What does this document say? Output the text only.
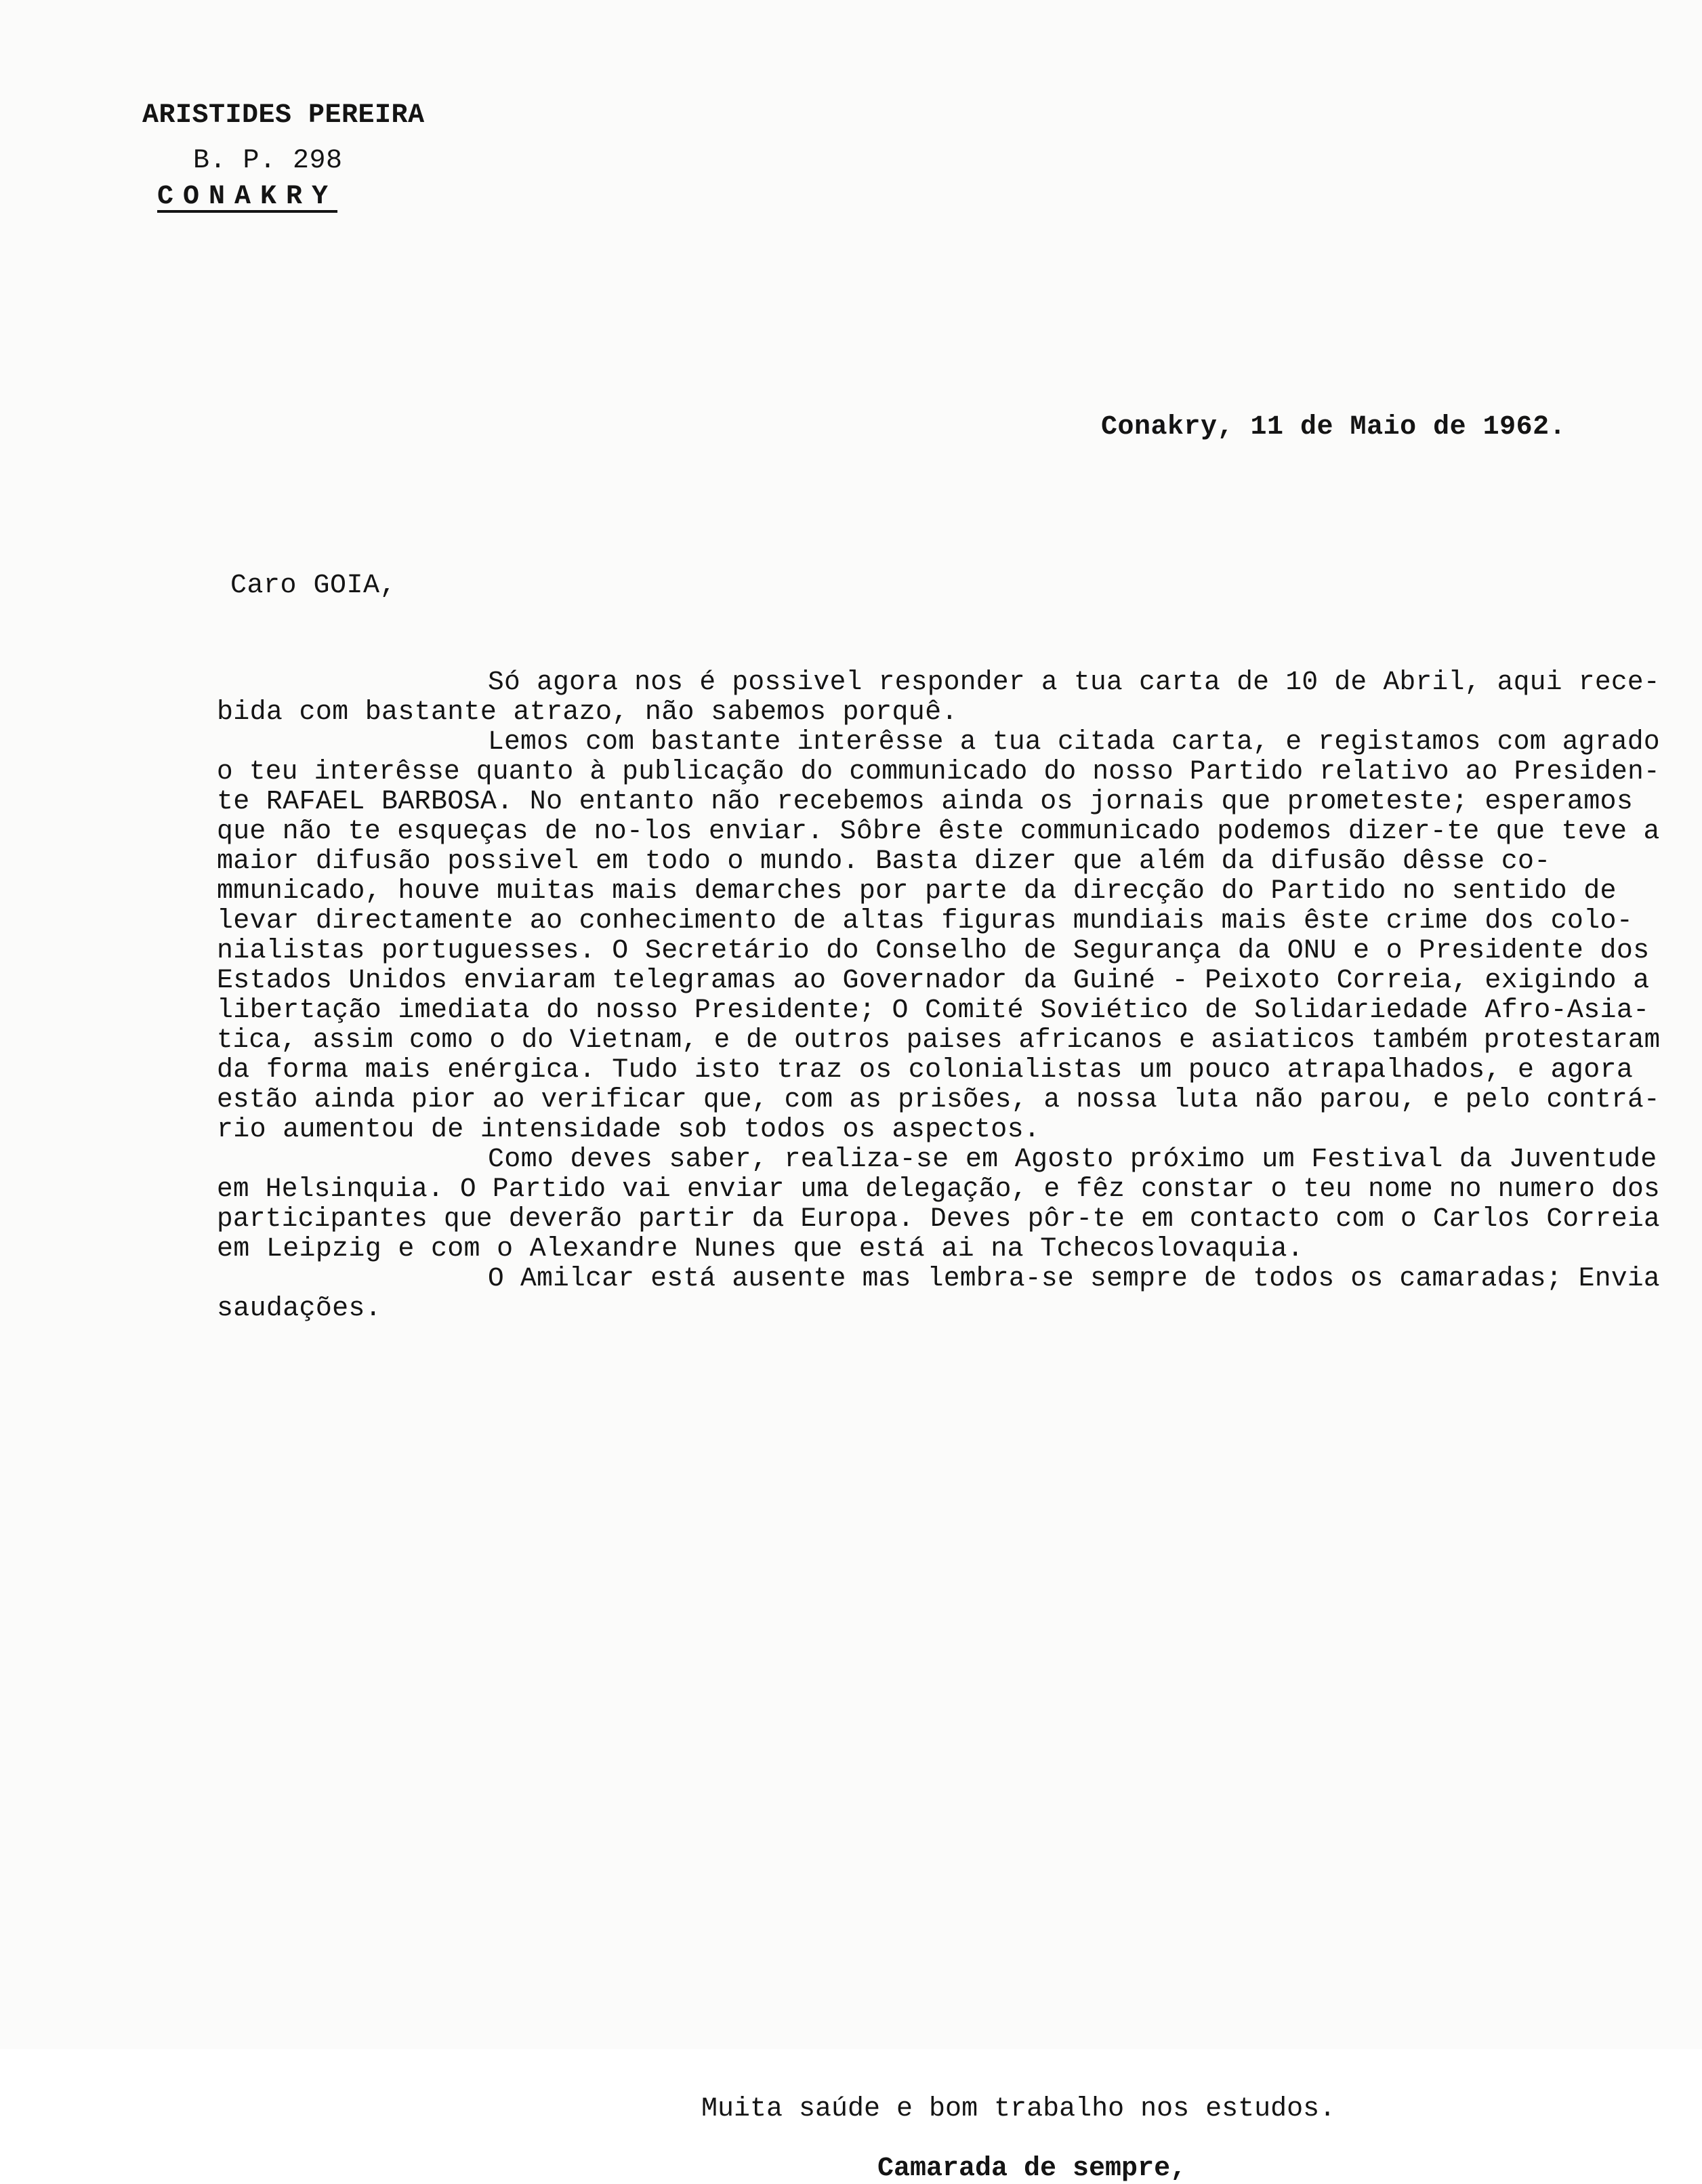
ARISTIDES PEREIRA
B. P. 298
CONAKRY
Conakry, 11 de Maio de 1962.
Caro GOIA,
Só agora nos é possivel responder a tua carta de 10 de Abril, aqui rece-
bida com bastante atrazo, não sabemos porquê.
Lemos com bastante interêsse a tua citada carta, e registamos com agrado
o teu interêsse quanto à publicação do communicado do nosso Partido relativo ao Presiden-
te RAFAEL BARBOSA. No entanto não recebemos ainda os jornais que prometeste; esperamos
que não te esqueças de no-los enviar. Sôbre êste communicado podemos dizer-te que teve a
maior difusão possivel em todo o mundo. Basta dizer que além da difusão dêsse co-
mmunicado, houve muitas mais demarches por parte da direcção do Partido no sentido de
levar directamente ao conhecimento de altas figuras mundiais mais êste crime dos colo-
nialistas portuguesses. O Secretário do Conselho de Segurança da ONU e o Presidente dos
Estados Unidos enviaram telegramas ao Governador da Guiné - Peixoto Correia, exigindo a
libertação imediata do nosso Presidente; O Comité Soviético de Solidariedade Afro-Asia-
tica, assim como o do Vietnam, e de outros paises africanos e asiaticos também protestaram
da forma mais enérgica. Tudo isto traz os colonialistas um pouco atrapalhados, e agora
estão ainda pior ao verificar que, com as prisões, a nossa luta não parou, e pelo contrá-
rio aumentou de intensidade sob todos os aspectos.
Como deves saber, realiza-se em Agosto próximo um Festival da Juventude
em Helsinquia. O Partido vai enviar uma delegação, e fêz constar o teu nome no numero dos
participantes que deverão partir da Europa. Deves pôr-te em contacto com o Carlos Correia
em Leipzig e com o Alexandre Nunes que está ai na Tchecoslovaquia.
O Amilcar está ausente mas lembra-se sempre de todos os camaradas; Envia
saudações.
Muita saúde e bom trabalho nos estudos.
Camarada de sempre,
